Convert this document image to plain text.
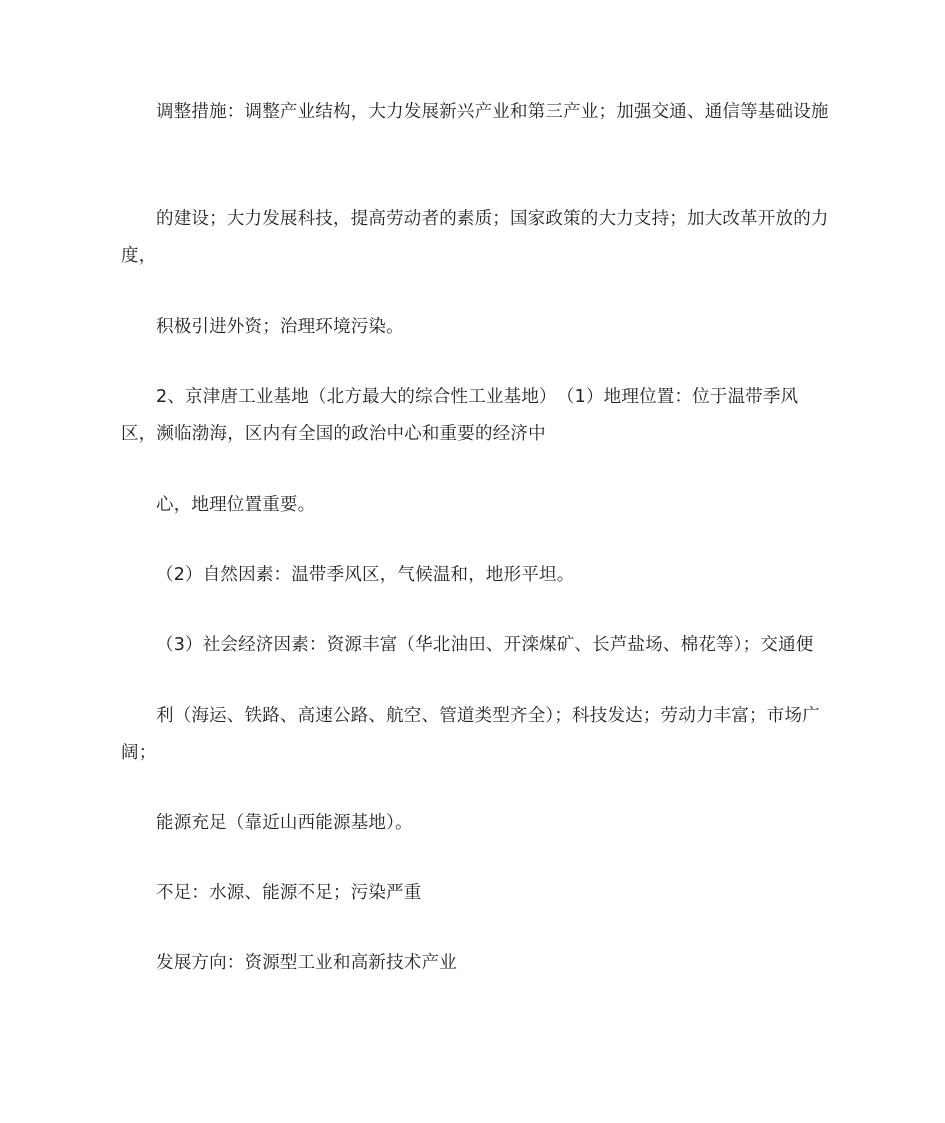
调整措施：调整产业结构，大力发展新兴产业和第三产业；加强交通、通信等基础设施

的建设；大力发展科技，提高劳动者的素质；国家政策的大力支持；加大改革开放的力度，

积极引进外资；治理环境污染。

2、京津唐工业基地（北方最大的综合性工业基地）　（1）地理位置：位于温带季风区，濒临渤海，区内有全国的政治中心和重要的经济中

心，地理位置重要。

（2）自然因素：温带季风区，气候温和，地形平坦。

（3）社会经济因素：资源丰富（华北油田、开滦煤矿、长芦盐场、棉花等）；交通便

利（海运、铁路、高速公路、航空、管道类型齐全）；科技发达；劳动力丰富；市场广阔；

能源充足（靠近山西能源基地）。

不足：水源、能源不足；污染严重

发展方向：资源型工业和高新技术产业
